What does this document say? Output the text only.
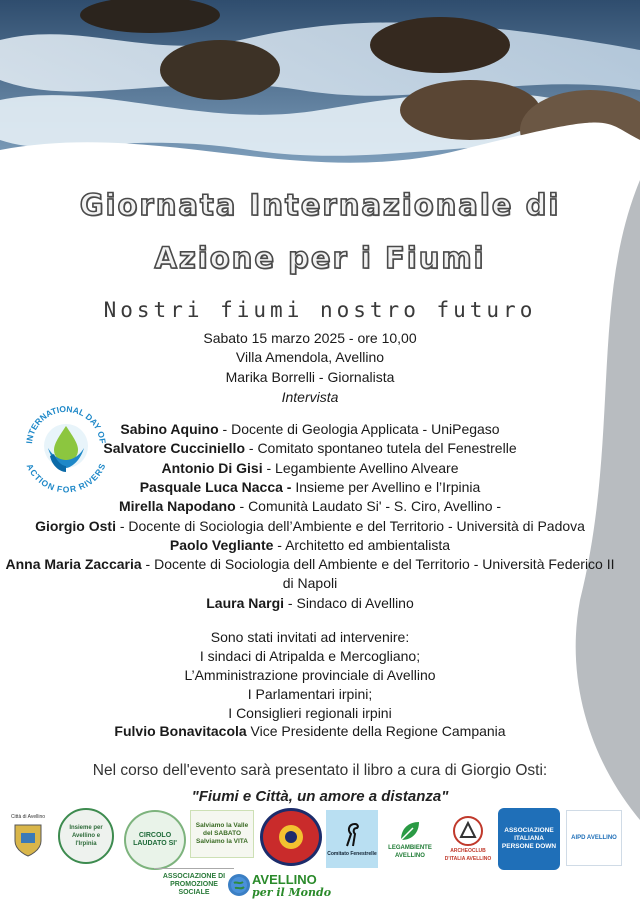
Giornata Internazionale di
Azione per i Fiumi
Nostri fiumi nostro futuro
Sabato 15 marzo 2025 - ore 10,00
Villa Amendola, Avellino
Marika Borrelli - Giornalista
Intervista
INTERNATIONAL DAY OF
ACTION FOR RIVERS
Sabino Aquino - Docente di Geologia Applicata - UniPegaso
Salvatore Cucciniello - Comitato spontaneo tutela del Fenestrelle
Antonio Di Gisi - Legambiente Avellino Alveare
Pasquale Luca Nacca - Insieme per Avellino e l’Irpinia
Mirella Napodano - Comunità Laudato Si' - S. Ciro, Avellino -
Giorgio Osti - Docente di Sociologia dell’Ambiente e del Territorio - Università di Padova
Paolo Vegliante - Architetto ed ambientalista
Anna Maria Zaccaria - Docente di Sociologia dell Ambiente e del Territorio - Università Federico II
di Napoli
Laura Nargi - Sindaco di Avellino
Sono stati invitati ad intervenire:
I sindaci di Atripalda e Mercogliano;
L’Amministrazione provinciale di Avellino
I Parlamentari irpini;
I Consiglieri regionali irpini
Fulvio Bonavitacola Vice Presidente della Regione Campania
Nel corso dell'evento sarà presentato il libro a cura di Giorgio Osti:
"Fiumi e Città, un amore a distanza"
Città di Avellino
Insieme per Avellino e l'Irpinia
CIRCOLO LAUDATO SI'
Salviamo la Valle del SABATO Salviamo la VITA
Comitato Fenestrelle
LEGAMBIENTE AVELLINO
ARCHEOCLUB D'ITALIA AVELLINO
ASSOCIAZIONE ITALIANA PERSONE DOWN
AIPD AVELLINO
ASSOCIAZIONE DI PROMOZIONE SOCIALE
AVELLINO
per il Mondo
